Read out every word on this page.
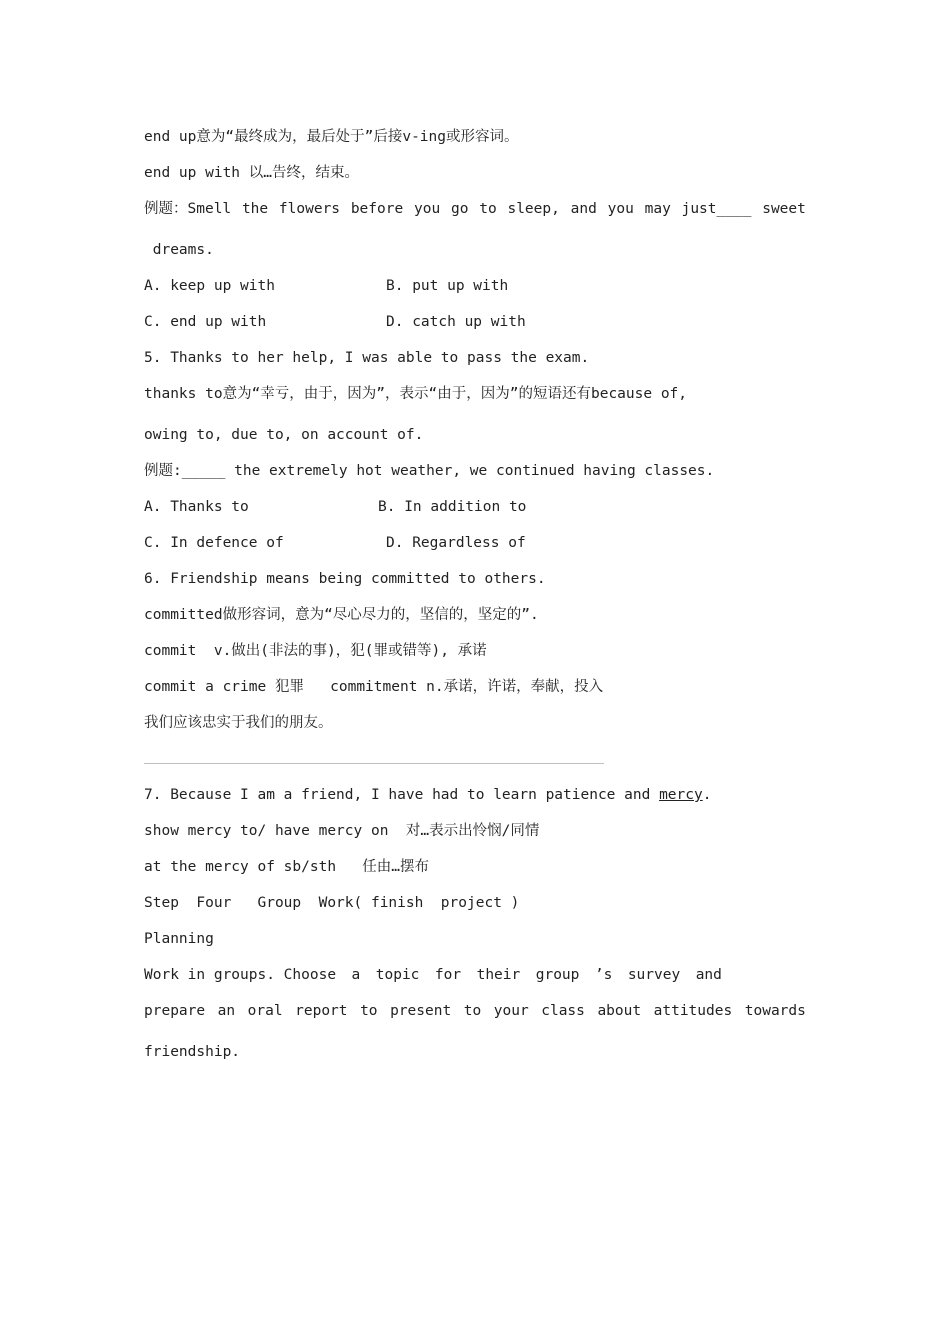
end up意为“最终成为，最后处于”后接v-ing或形容词。
end up with 以…告终，结束。
例题：Smell the flowers before you go to sleep, and you may just____ sweet
dreams.
A. keep up with	B. put up with
C. end up with	D. catch up with
5. Thanks to her help, I was able to pass the exam.
thanks to意为“幸亏，由于，因为”，表示“由于，因为”的短语还有because of,
owing to, due to, on account of.
例题:_____ the extremely hot weather, we continued having classes.
A. Thanks to	B. In addition to
C. In defence of	D. Regardless of
6. Friendship means being committed to others.
committed做形容词，意为“尽心尽力的，坚信的，坚定的”.
commit  v.做出(非法的事)，犯(罪或错等), 承诺
commit a crime 犯罪   commitment n.承诺，许诺，奉献，投入
我们应该忠实于我们的朋友。
7. Because I am a friend, I have had to learn patience and mercy.
show mercy to/ have mercy on  对…表示出怜悯/同情
at the mercy of sb/sth   任由…摆布
Step  Four   Group  Work( finish  project )
Planning
Work in groups. Choose a topic for their group ’s survey and
prepare an oral report to present to your class about attitudes towards
friendship.
